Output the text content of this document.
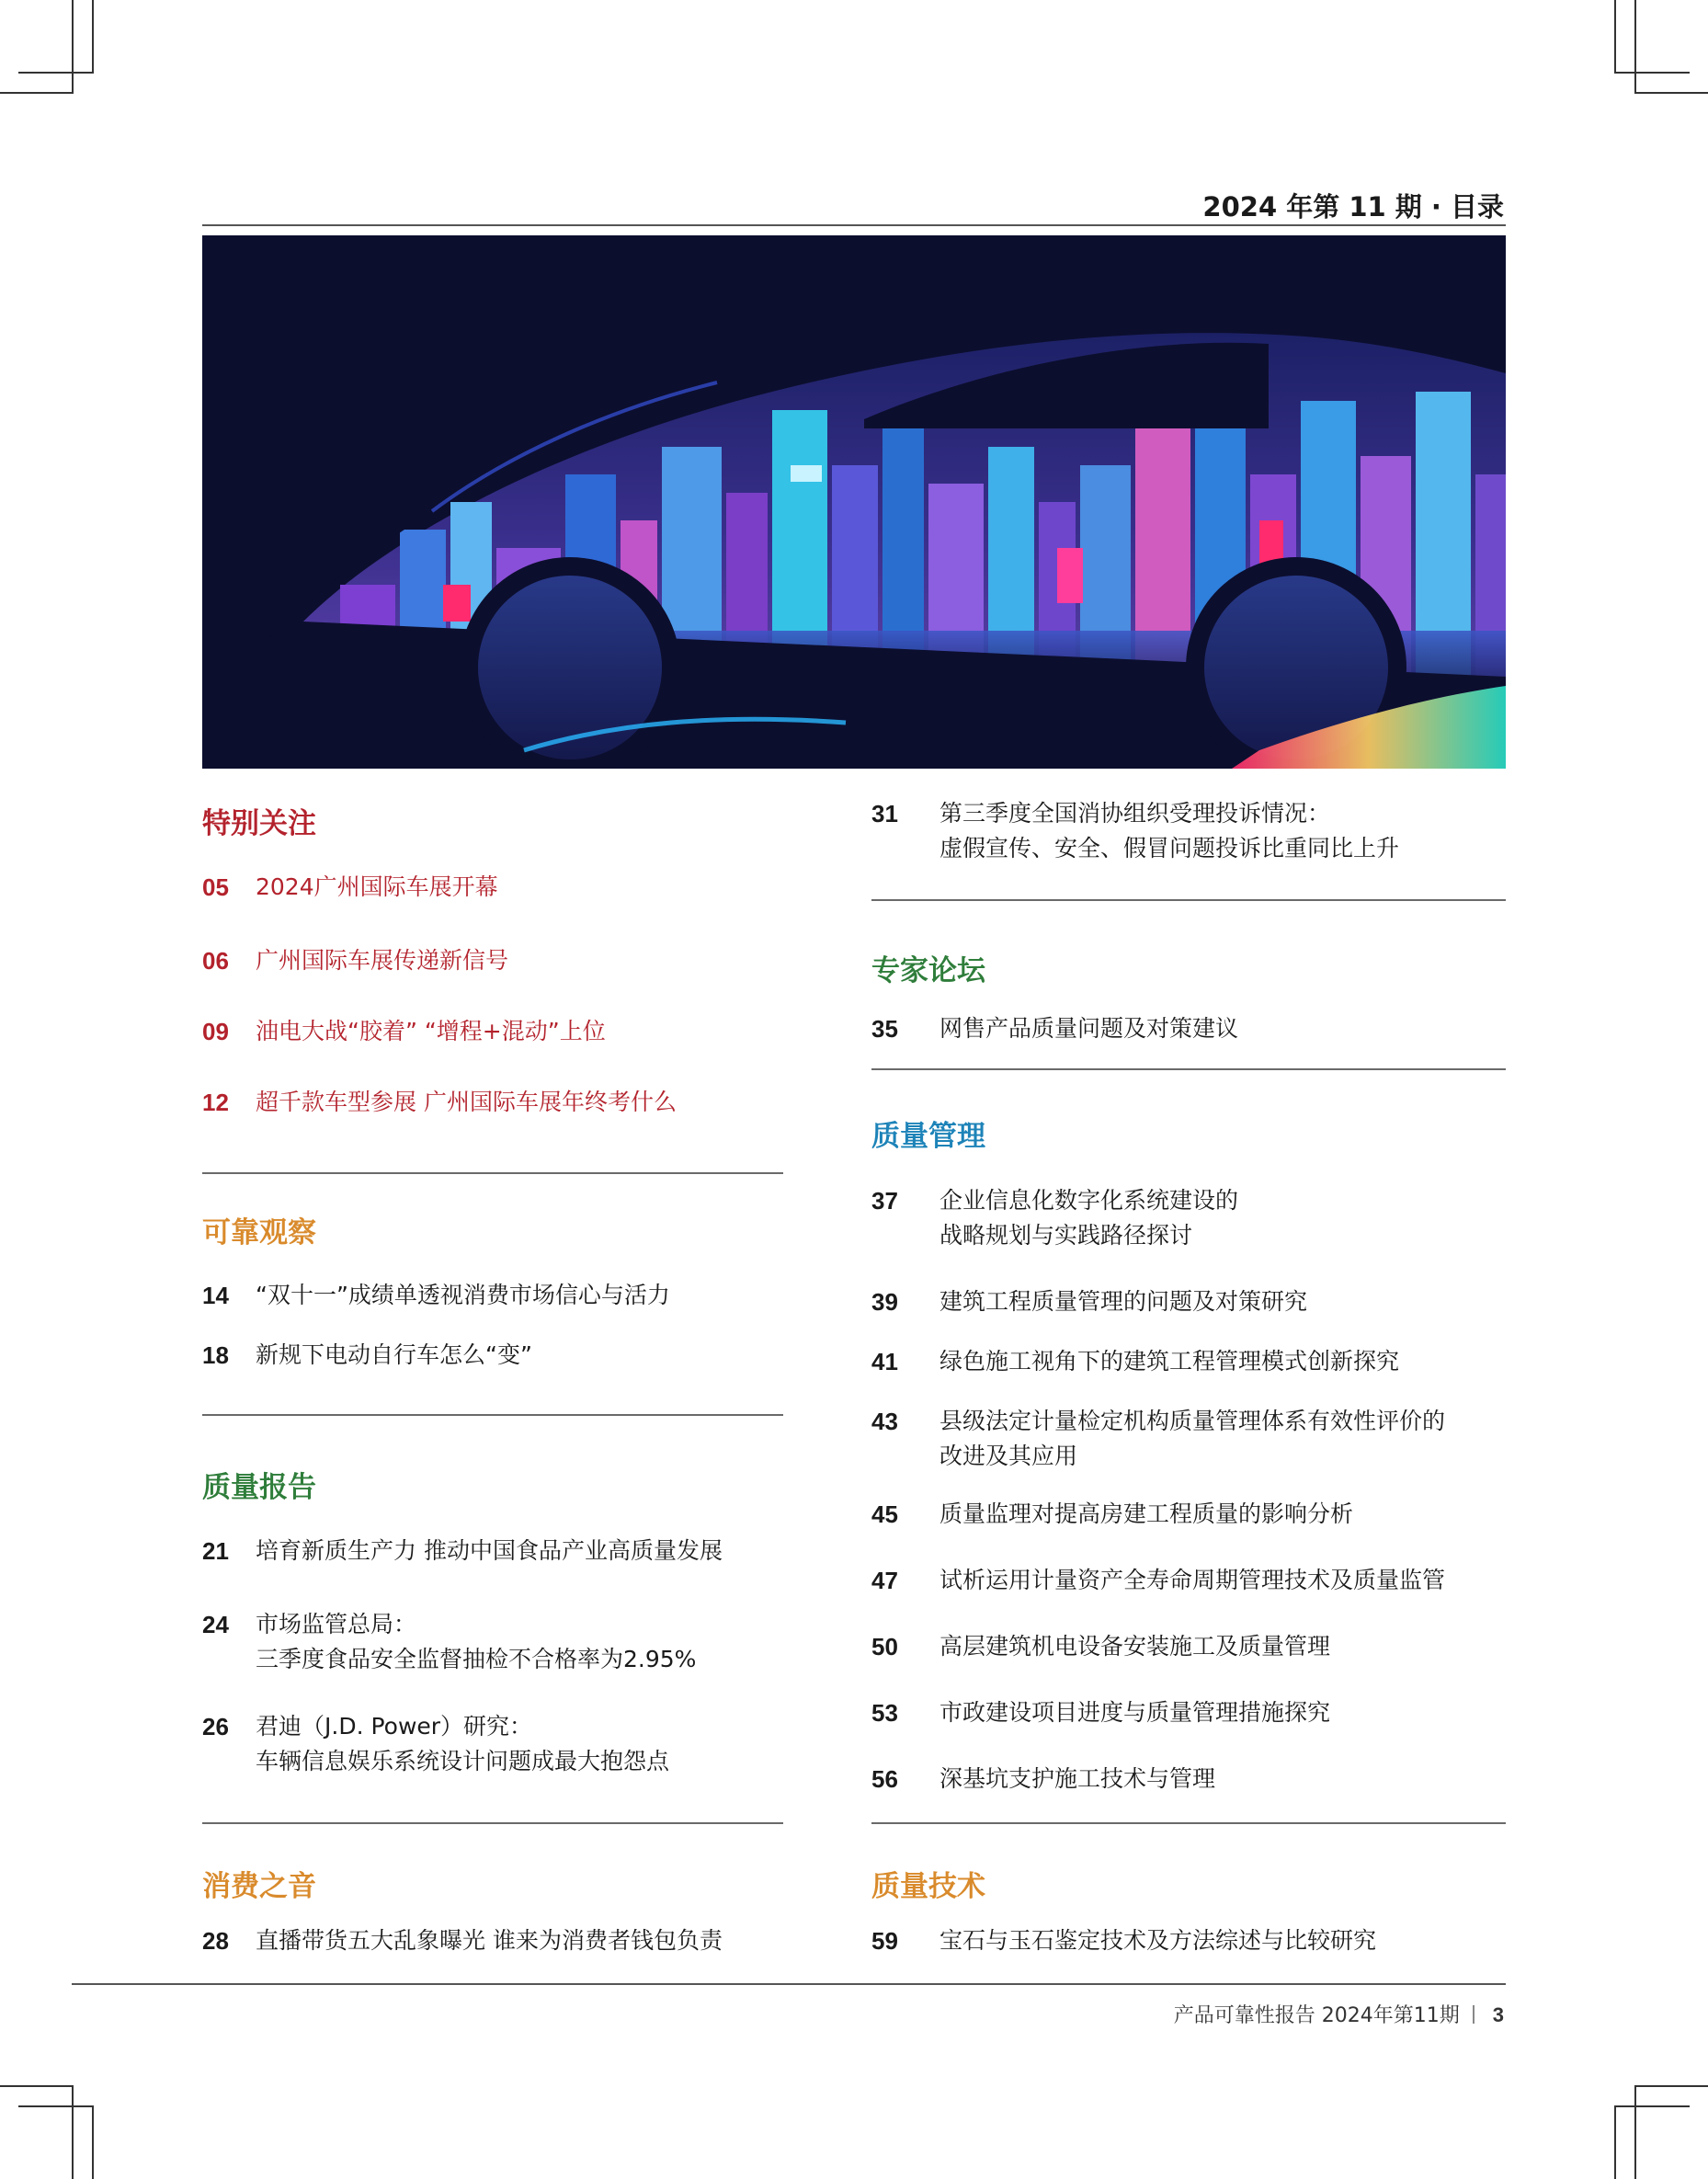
2024 年第 11 期 · 目录
特别关注
05 2024广州国际车展开幕
06 广州国际车展传递新信号
09 油电大战“胶着” “增程+混动”上位
12 超千款车型参展 广州国际车展年终考什么
可靠观察
14 “双十一”成绩单透视消费市场信心与活力
18 新规下电动自行车怎么“变”
质量报告
21 培育新质生产力 推动中国食品产业高质量发展
24 市场监管总局：
三季度食品安全监督抽检不合格率为2.95%
26 君迪（J.D. Power）研究：
车辆信息娱乐系统设计问题成最大抱怨点
消费之音
28 直播带货五大乱象曝光 谁来为消费者钱包负责
31 第三季度全国消协组织受理投诉情况：
虚假宣传、安全、假冒问题投诉比重同比上升
专家论坛
35 网售产品质量问题及对策建议
质量管理
37 企业信息化数字化系统建设的
战略规划与实践路径探讨
39 建筑工程质量管理的问题及对策研究
41 绿色施工视角下的建筑工程管理模式创新探究
43 县级法定计量检定机构质量管理体系有效性评价的
改进及其应用
45 质量监理对提高房建工程质量的影响分析
47 试析运用计量资产全寿命周期管理技术及质量监管
50 高层建筑机电设备安装施工及质量管理
53 市政建设项目进度与质量管理措施探究
56 深基坑支护施工技术与管理
质量技术
59 宝石与玉石鉴定技术及方法综述与比较研究
产品可靠性报告 2024年第11期 3
